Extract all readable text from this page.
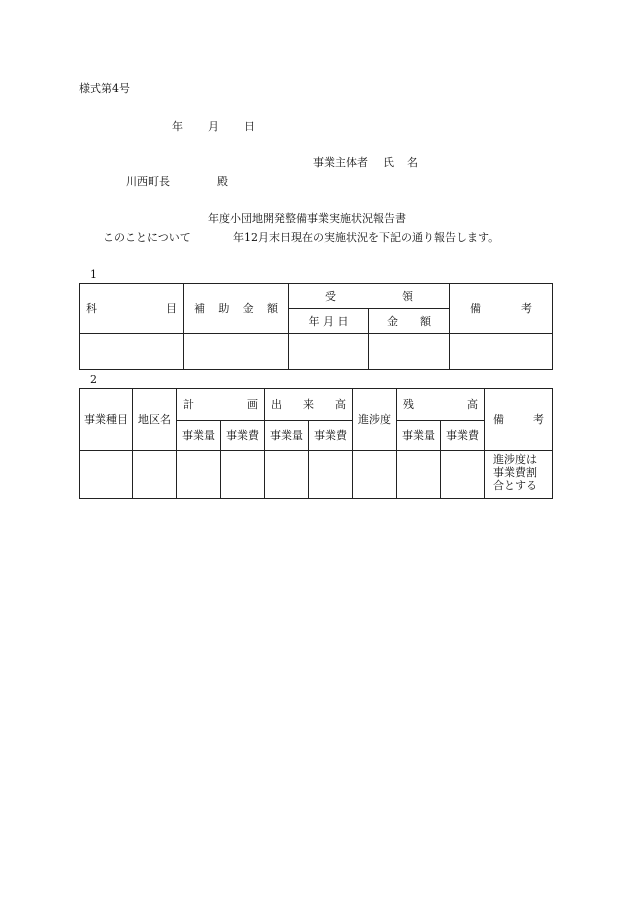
様式第4号
年 月 日
事業主体者 氏 名
川西町長	殿
年度小団地開発整備事業実施状況報告書
このことについて	年12月末日現在の実施状況を下記の通り報告します。
1
科 目	補 助 金 額	受 領		備 考

		年 月 日	金 額	

2
事業種目	地区名	計 画		出 来 高		進涉度	残 高		備 考

		事業量	事業費	事業量	事業費		事業量	事業費	

									進涉度は
事業費割
合とする
